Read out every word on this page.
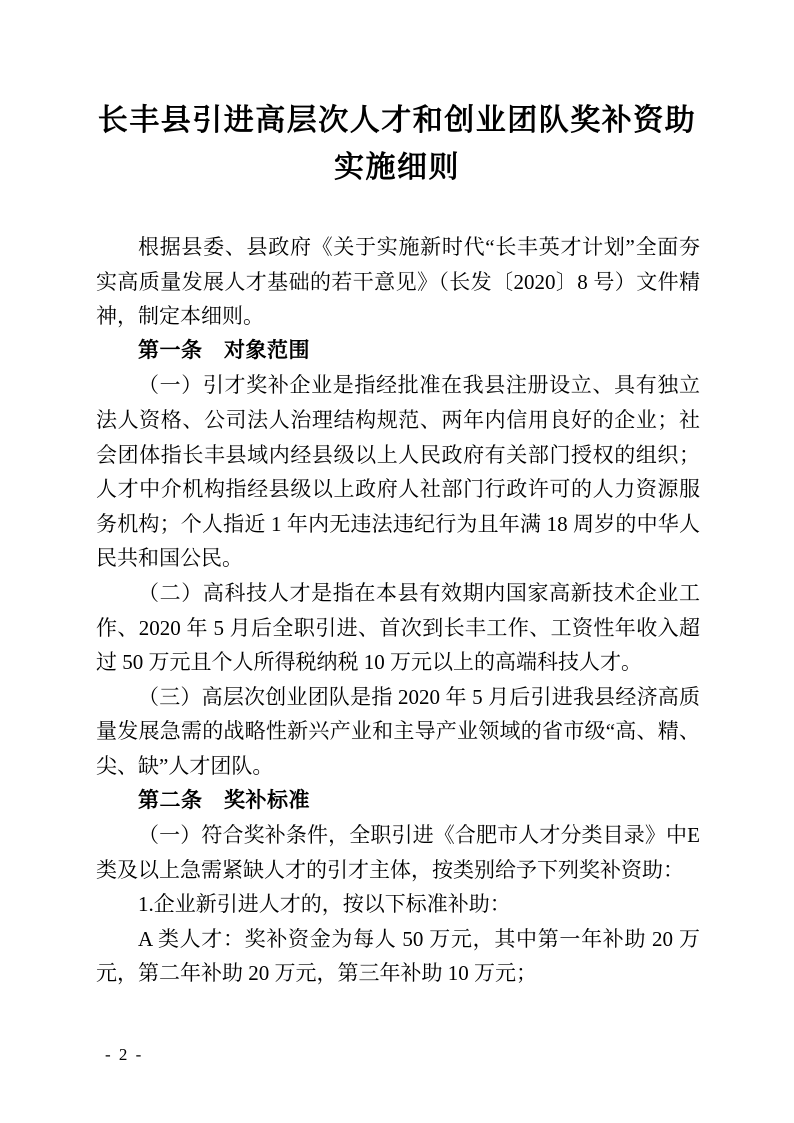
长丰县引进高层次人才和创业团队奖补资助
实施细则

根据县委、县政府《关于实施新时代“长丰英才计划”全面夯实高质量发展人才基础的若干意见》（长发〔2020〕8 号）文件精神，制定本细则。

第一条　对象范围

（一）引才奖补企业是指经批准在我县注册设立、具有独立法人资格、公司法人治理结构规范、两年内信用良好的企业；社会团体指长丰县域内经县级以上人民政府有关部门授权的组织；人才中介机构指经县级以上政府人社部门行政许可的人力资源服务机构；个人指近 1 年内无违法违纪行为且年满 18 周岁的中华人民共和国公民。

（二）高科技人才是指在本县有效期内国家高新技术企业工作、2020 年 5 月后全职引进、首次到长丰工作、工资性年收入超过 50 万元且个人所得税纳税 10 万元以上的高端科技人才。

（三）高层次创业团队是指 2020 年 5 月后引进我县经济高质量发展急需的战略性新兴产业和主导产业领域的省市级“高、精、尖、缺”人才团队。

第二条　奖补标准

（一）符合奖补条件，全职引进《合肥市人才分类目录》中E类及以上急需紧缺人才的引才主体，按类别给予下列奖补资助：

1.企业新引进人才的，按以下标准补助：

A 类人才：奖补资金为每人 50 万元，其中第一年补助 20 万元，第二年补助 20 万元，第三年补助 10 万元；

- 2 -
